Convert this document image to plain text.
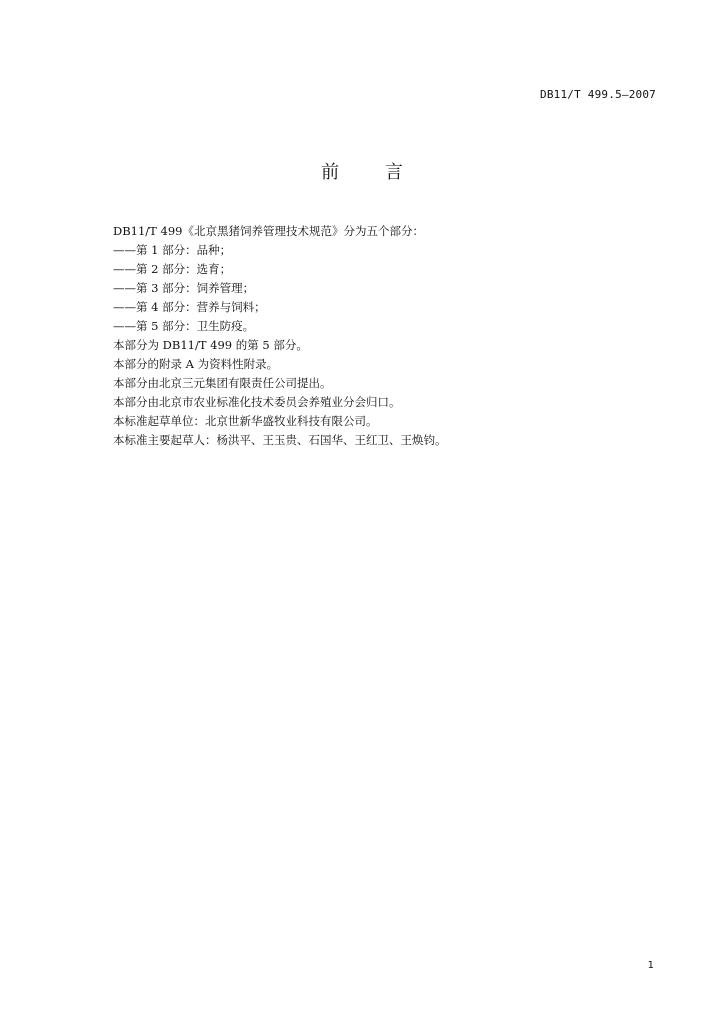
DB11/T 499.5—2007
前 言
DB11/T 499《北京黑猪饲养管理技术规范》分为五个部分：
——第 1 部分：品种；
——第 2 部分：选育；
——第 3 部分：饲养管理；
——第 4 部分：营养与饲料；
——第 5 部分：卫生防疫。
本部分为 DB11/T 499 的第 5 部分。
本部分的附录 A 为资料性附录。
本部分由北京三元集团有限责任公司提出。
本部分由北京市农业标准化技术委员会养殖业分会归口。
本标准起草单位：北京世新华盛牧业科技有限公司。
本标准主要起草人：杨洪平、王玉贵、石国华、王红卫、王焕钧。
1
